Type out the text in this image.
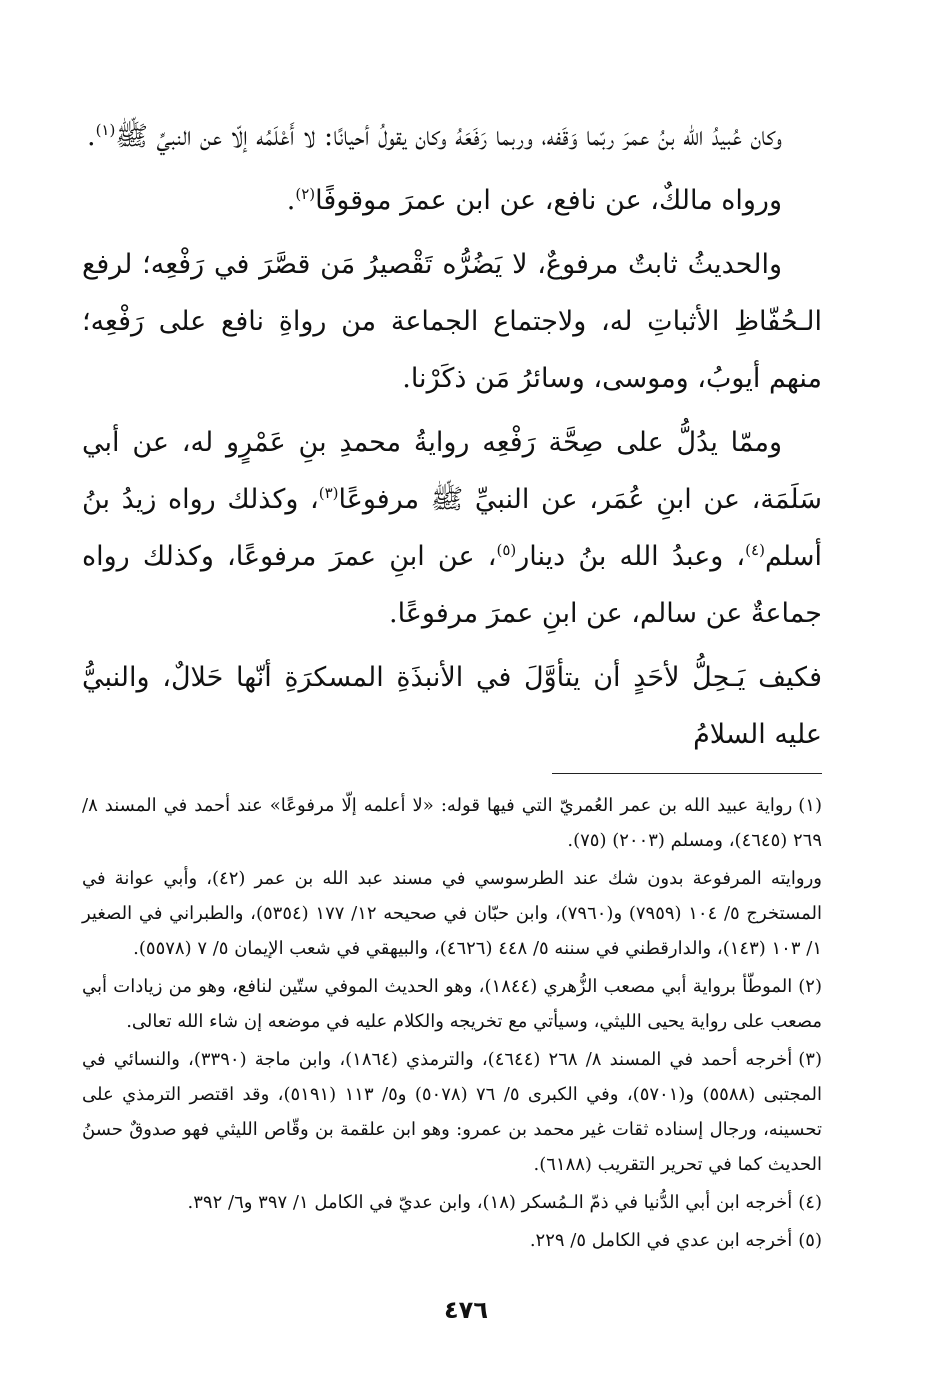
وكان عُبيدُ الله بنُ عمرَ ربّما وَقَفه، وربما رَفَعَهُ وكان يقولُ أحيانًا: لا أَعْلَمُه إلّا عن النبيِّ ﷺ$^{(١)}$.

ورواه مالكٌ، عن نافع، عن ابن عمرَ موقوفًا$^{(٢)}$.

والحديثُ ثابتٌ مرفوعٌ، لا يَضُرُّه تَقْصيرُ مَن قصَّرَ في رَفْعِه؛ لرفع الـحُفّاظِ الأثباتِ له، ولاجتماع الجماعة من رواةِ نافع على رَفْعِه؛ منهم أيوبُ، وموسى، وسائرُ مَن ذكَرْنا.

وممّا يدُلُّ على صِحَّة رَفْعِه روايةُ محمدِ بنِ عَمْرٍو له، عن أبي سَلَمَة، عن ابنِ عُمَر، عن النبيِّ ﷺ مرفوعًا$^{(٣)}$، وكذلك رواه زيدُ بنُ أسلم$^{(٤)}$، وعبدُ الله بنُ دينار$^{(٥)}$، عن ابنِ عمرَ مرفوعًا، وكذلك رواه جماعةٌ عن سالم، عن ابنِ عمرَ مرفوعًا.

فكيف يَـحِلُّ لأحَدٍ أن يتأوَّلَ في الأنبذَةِ المسكرَةِ أنّها حَلالٌ، والنبيُّ عليه السلامُ

(١)رواية عبيد الله بن عمر العُمريّ التي فيها قوله: «لا أعلمه إلّا مرفوعًا» عند أحمد في المسند ٨/ ٢٦٩ (٤٦٤٥)، ومسلم (٢٠٠٣) (٧٥).

وروايته المرفوعة بدون شك عند الطرسوسي في مسند عبد الله بن عمر (٤٢)، وأبي عوانة في المستخرج ٥/ ١٠٤ (٧٩٥٩) و(٧٩٦٠)، وابن حبّان في صحيحه ١٢/ ١٧٧ (٥٣٥٤)، والطبراني في الصغير ١/ ١٠٣ (١٤٣)، والدارقطني في سننه ٥/ ٤٤٨ (٤٦٢٦)، والبيهقي في شعب الإيمان ٥/ ٧ (٥٥٧٨).

(٢)الموطّأ برواية أبي مصعب الزُّهري (١٨٤٤)، وهو الحديث الموفي ستّين لنافع، وهو من زيادات أبي مصعب على رواية يحيى الليثي، وسيأتي مع تخريجه والكلام عليه في موضعه إن شاء الله تعالى.

(٣)أخرجه أحمد في المسند ٨/ ٢٦٨ (٤٦٤٤)، والترمذي (١٨٦٤)، وابن ماجة (٣٣٩٠)، والنسائي في المجتبى (٥٥٨٨) و(٥٧٠١)، وفي الكبرى ٥/ ٧٦ (٥٠٧٨) و٥/ ١١٣ (٥١٩١)، وقد اقتصر الترمذي على تحسينه، ورجال إسناده ثقات غير محمد بن عمرو: وهو ابن علقمة بن وقّاص الليثي فهو صدوقٌ حسنُ الحديث كما في تحرير التقريب (٦١٨٨).

(٤)أخرجه ابن أبي الدُّنيا في ذمّ الـمُسكر (١٨)، وابن عديّ في الكامل ١/ ٣٩٧ و٦/ ٣٩٢.

(٥)أخرجه ابن عدي في الكامل ٥/ ٢٢٩.

٤٧٦
